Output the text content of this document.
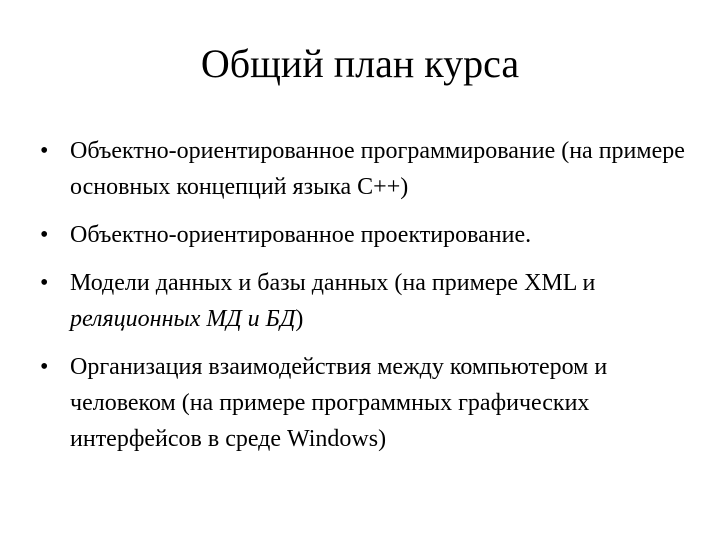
Общий план курса
• Объектно-ориентированное программирование (на примере основных концепций языка С++)
• Объектно-ориентированное проектирование.
• Модели данных и базы данных (на примере XML и реляционных МД и БД)
• Организация взаимодействия между компьютером и человеком (на примере программных графических интерфейсов в среде Windows)
